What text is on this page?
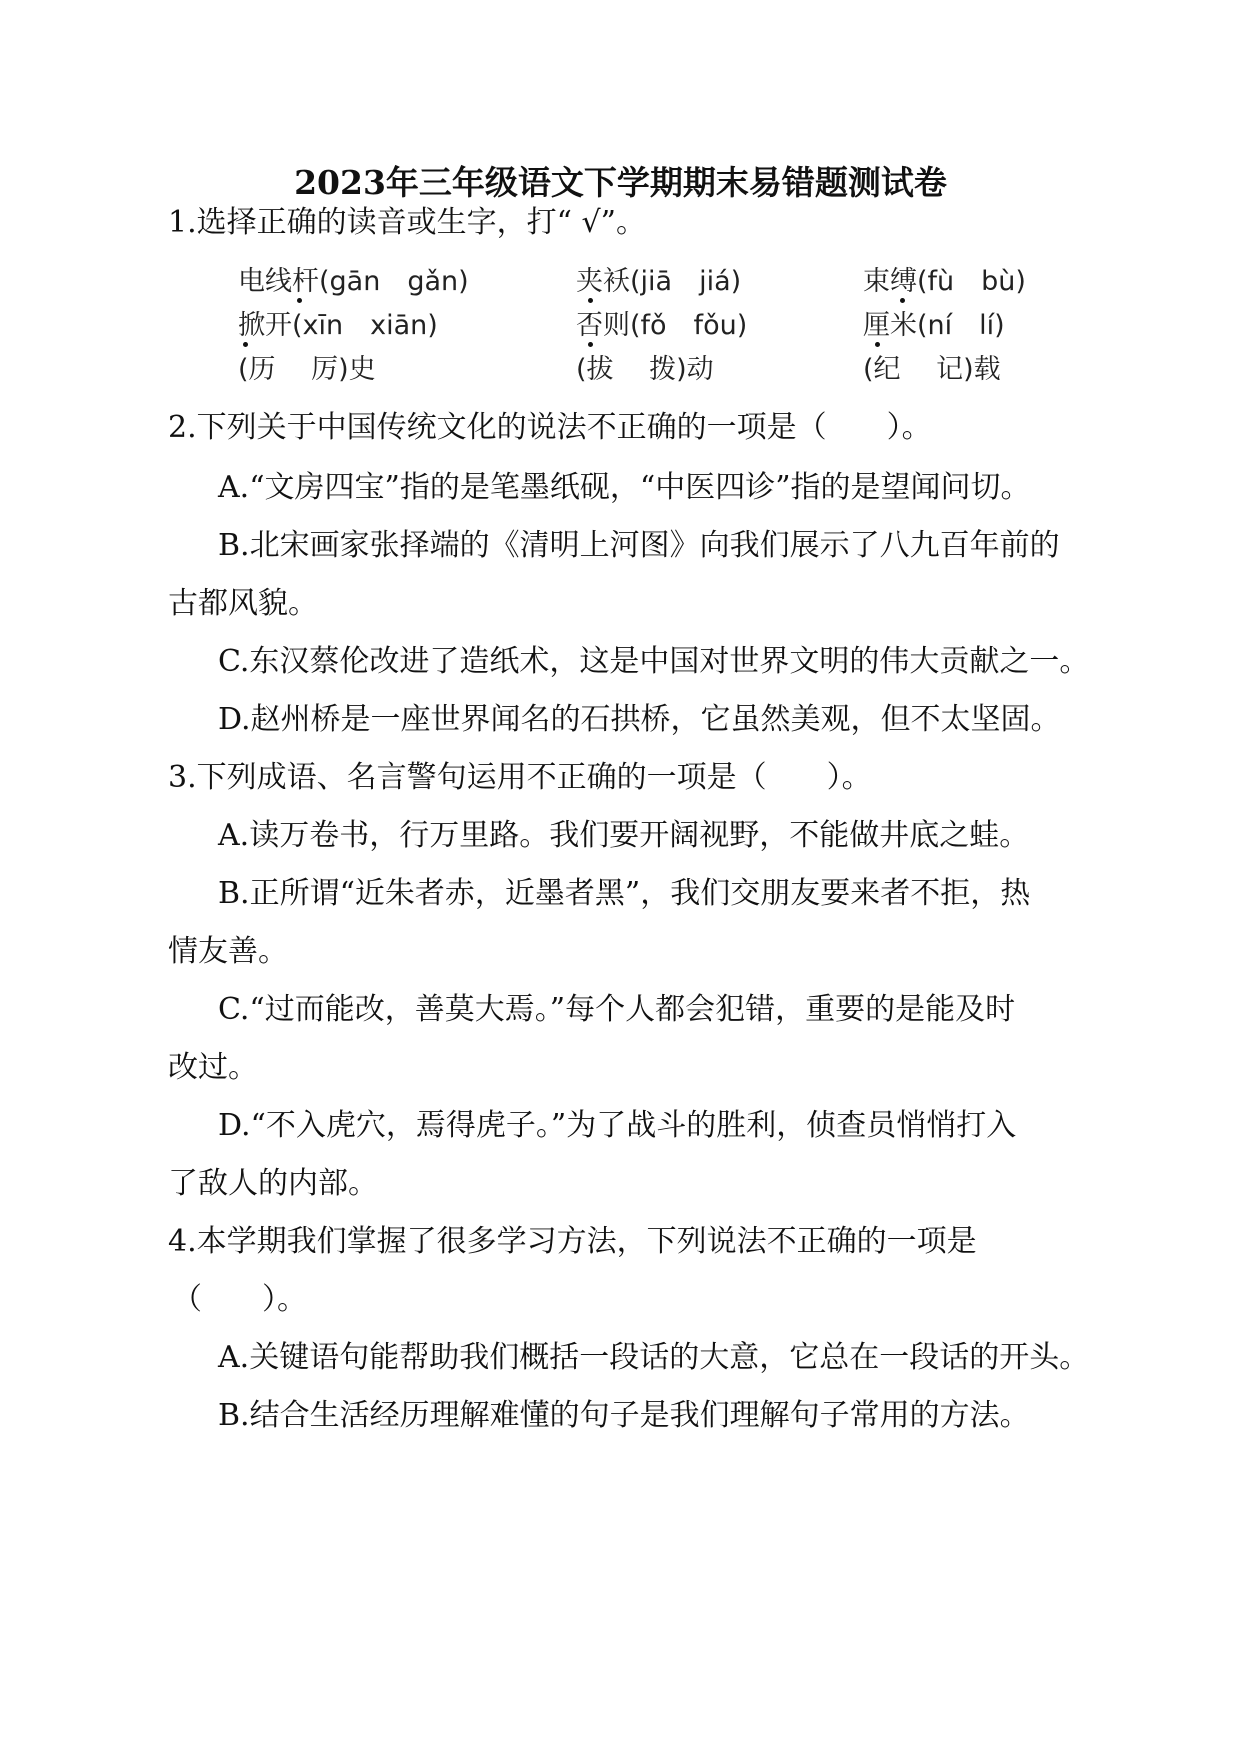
2023年三年级语文下学期期末易错题测试卷
1.选择正确的读音或生字，打“ √”。
电线杆(gān　gǎn)	夹袄(jiā　jiá)	束缚(fù　bù)
掀开(xīn　xiān)	否则(fǒ　fǒu)	厘米(ní　lí)
(历　 厉)史	(拔　 拨)动	(纪　 记)载
2.下列关于中国传统文化的说法不正确的一项是（　　）。
A.“文房四宝”指的是笔墨纸砚，“中医四诊”指的是望闻问切。
B.北宋画家张择端的《清明上河图》向我们展示了八九百年前的
古都风貌。
C.东汉蔡伦改进了造纸术，这是中国对世界文明的伟大贡献之一。
D.赵州桥是一座世界闻名的石拱桥，它虽然美观，但不太坚固。
3.下列成语、名言警句运用不正确的一项是（　　）。
A.读万卷书，行万里路。我们要开阔视野，不能做井底之蛙。
B.正所谓“近朱者赤，近墨者黑”，我们交朋友要来者不拒，热
情友善。
C.“过而能改，善莫大焉。”每个人都会犯错，重要的是能及时
改过。
D.“不入虎穴，焉得虎子。”为了战斗的胜利，侦查员悄悄打入
了敌人的内部。
4.本学期我们掌握了很多学习方法，下列说法不正确的一项是
（　　）。
A.关键语句能帮助我们概括一段话的大意，它总在一段话的开头。
B.结合生活经历理解难懂的句子是我们理解句子常用的方法。
